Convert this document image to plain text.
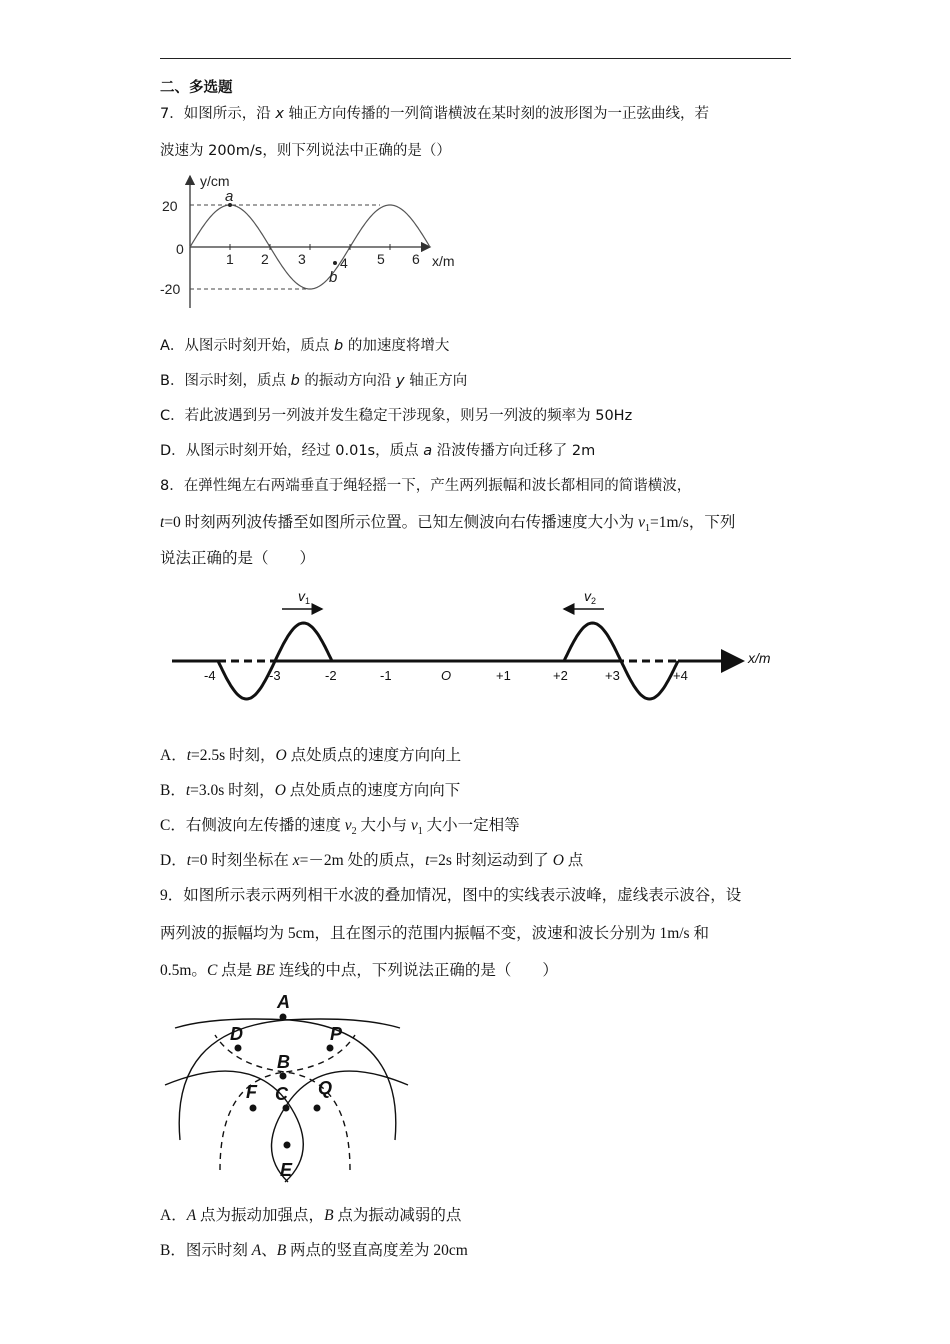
二、多选题
7．如图所示，沿 x 轴正方向传播的一列简谐横波在某时刻的波形图为一正弦曲线，若
波速为 200m/s，则下列说法中正确的是（）
y/cm
x/m
20
0
-20
1 2 3 4 5 6
a
b
A．从图示时刻开始，质点 b 的加速度将增大
B．图示时刻，质点 b 的振动方向沿 y 轴正方向
C．若此波遇到另一列波并发生稳定干涉现象，则另一列波的频率为 50Hz
D．从图示时刻开始，经过 0.01s，质点 a 沿波传播方向迁移了 2m
8．在弹性绳左右两端垂直于绳轻摇一下，产生两列振幅和波长都相同的简谐横波，
t=0 时刻两列波传播至如图所示位置。已知左侧波向右传播速度大小为 $v_1=1m/s$，下列
说法正确的是（　　）
$v_1$	$v_2$
x/m
-4	-3	-2	-1	O	+1	+2	+3	+4
A．t=2.5s 时刻，O 点处质点的速度方向向上
B．t=3.0s 时刻，O 点处质点的速度方向向下
C．右侧波向左传播的速度 $v_2$ 大小与 $v_1$ 大小一定相等
D．t=0 时刻坐标在 x=－2m 处的质点，t=2s 时刻运动到了 O 点
9．如图所示表示两列相干水波的叠加情况，图中的实线表示波峰，虚线表示波谷，设
两列波的振幅均为 5cm，且在图示的范围内振幅不变，波速和波长分别为 1m/s 和
0.5m。C 点是 BE 连线的中点，下列说法正确的是（　　）
A
D	P
B
F C Q
E
A．A 点为振动加强点，B 点为振动减弱的点
B．图示时刻 A、B 两点的竖直高度差为 20cm
